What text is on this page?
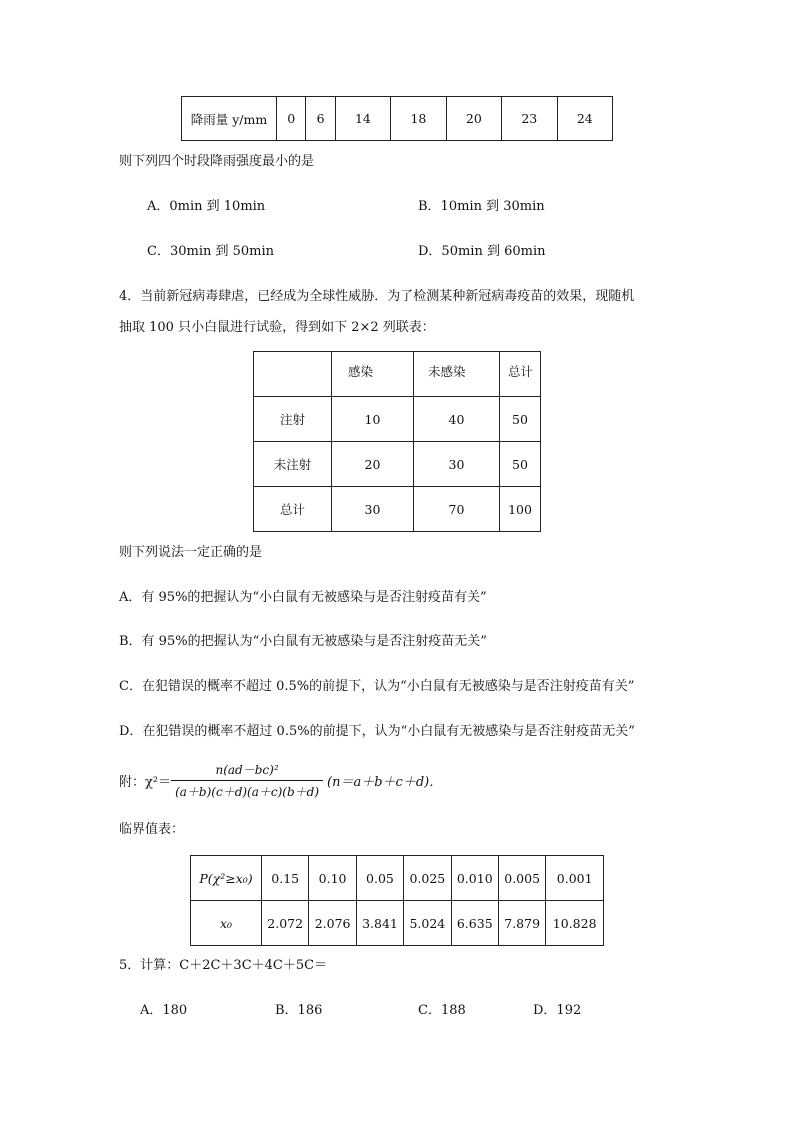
降雨量 y/mm	0	6	14	18	20	23	24
则下列四个时段降雨强度最小的是
A．0min 到 10min	B．10min 到 30min
C．30min 到 50min	D．50min 到 60min
4．当前新冠病毒肆虐，已经成为全球性威胁．为了检测某种新冠病毒疫苗的效果，现随机
抽取 100 只小白鼠进行试验，得到如下 2×2 列联表：
	感染	未感染	总计
注射	10	40	50
未注射	20	30	50
总计	30	70	100
则下列说法一定正确的是
A．有 95%的把握认为“小白鼠有无被感染与是否注射疫苗有关”
B．有 95%的把握认为“小白鼠有无被感染与是否注射疫苗无关”
C．在犯错误的概率不超过 0.5%的前提下，认为“小白鼠有无被感染与是否注射疫苗有关”
D．在犯错误的概率不超过 0.5%的前提下，认为“小白鼠有无被感染与是否注射疫苗无关”
附：$\chi^2= \frac{\text{n(ad－bc)²}}{(a+b)(c+d)(a+c)(b+d)} (n=a+b+c+d)$．
临界值表：
P(χ²≥x₀)	0.15	0.10	0.05	0.025	0.010	0.005	0.001
x₀	2.072	2.076	3.841	5.024	6.635	7.879	10.828
5．计算：C＋2C＋3C＋4C＋5C＝
A．180	B．186	C．188	D．192
